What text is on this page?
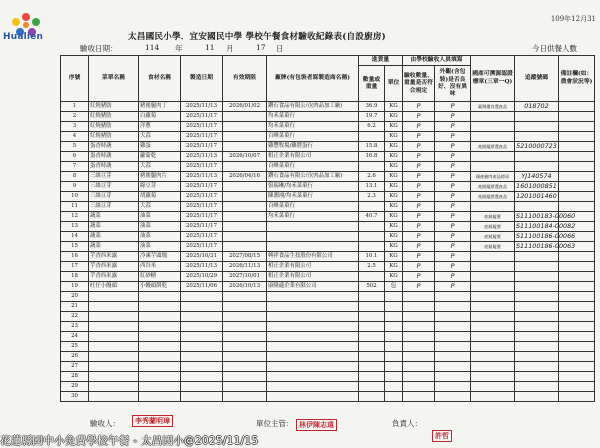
Hualien
109年12月31
太昌國民小學．宜安國民中學 學校午餐食材驗收紀錄表(自設廚房)
驗收日期：	114 年	11 月	17 日	今日供餐人數
序號	菜單名稱	食材名稱	製造日期	有效期限	廠牌(有包裝者寫製造商名稱)	進貨量		由學校驗收人員填寫		國產可溯源認證標章(三章一Q)	追蹤號碼	備註欄(如：農會狀況等)
						數量或重量	單位	驗收數量、重量是否符合規定	外觀(含包裝)是否良好、沒有異味			
1	紅燒豬肋	豬後腿肉丁	2025/11/13	2026/01/02	鑽石食品有限公司(肉品加工廠)	36.9	KG	P	P	臺灣優良農產品	018702	
2	紅燒豬肋	白蘿蔔	2025/11/17		均禾菜菓行	19.7	KG	P	P			
3	紅燒豬肋	洋蔥	2025/11/17		均禾菜菓行	6.2	KG	P	P			
4	紅燒豬肋	大蒜	2025/11/17		百峰菜菓行		KG	P	P			
5	蛋香時蔬	雞蛋	2025/11/17		雞豐牧場/雞將蛋行	15.8	KG	P	P	產銷履歷農產品	5210000723	
6	蛋香時蔬	蘿蔔乾	2025/11/13	2026/10/07	相正企業有限公司	16.8	KG	P	P			
7	蛋香時蔬	大蒜	2025/11/17		百峰菜菓行		KG	P	P			
8	三絲豆芽	豬後腿肉片	2025/11/13	2026/04/16	鑽石食品有限公司(肉品加工廠)	2.6	KG	P	P	國產豬肉產品標章	YJ140574	
9	三絲豆芽	綠豆芽	2025/11/17		張瑞琳/均禾菜菓行	13.1	KG	P	P	產銷履歷農產品	1601000851	
10	三絲豆芽	胡蘿蔔	2025/11/17		陳潤翊/均禾菜菓行	2.3	KG	P	P	產銷履歷農產品	1201001460	
11	三絲豆芽	大蒜	2025/11/17		百峰菜菓行		KG	P	P			
12	蔬菜	油菜	2025/11/17		均禾菜菓行	40.7	KG	P	P	產銷履歷	S11100183-00060	
13	蔬菜	油菜	2025/11/17				KG	P	P	產銷履歷	S11100184-00082	
14	蔬菜	油菜	2025/11/17				KG	P	P	產銷履歷	S11100186-00066	
15	蔬菜	油菜	2025/11/17				KG	P	P	產銷履歷	S11100186-00063	
16	芋香西米露	冷凍芋頭塊	2025/10/31	2027/08/15	興祥食品生技股份有限公司	10.1	KG	P	P			
17	芋香西米露	西谷米	2025/11/13	2026/11/13	相正企業有限公司	2.5	KG	P	P			
18	芋香西米露	紅砂糖	2025/10/29	2027/10/01	相正企業有限公司		KG	P	P			
19	旺仔小饅頭	小饅頭餅乾	2025/11/06	2026/10/13	康隆適企業有限公司	502	包	P	P			
20												
21												
22												
23												
24												
25												
26												
27												
28												
29												
30												
驗收人：	李秀蘭明璋	單位主管： 林伊陳志遠	負責人：
許哲
花蓮縣國中小免費學校午餐 - 太昌國小@2025/11/15
